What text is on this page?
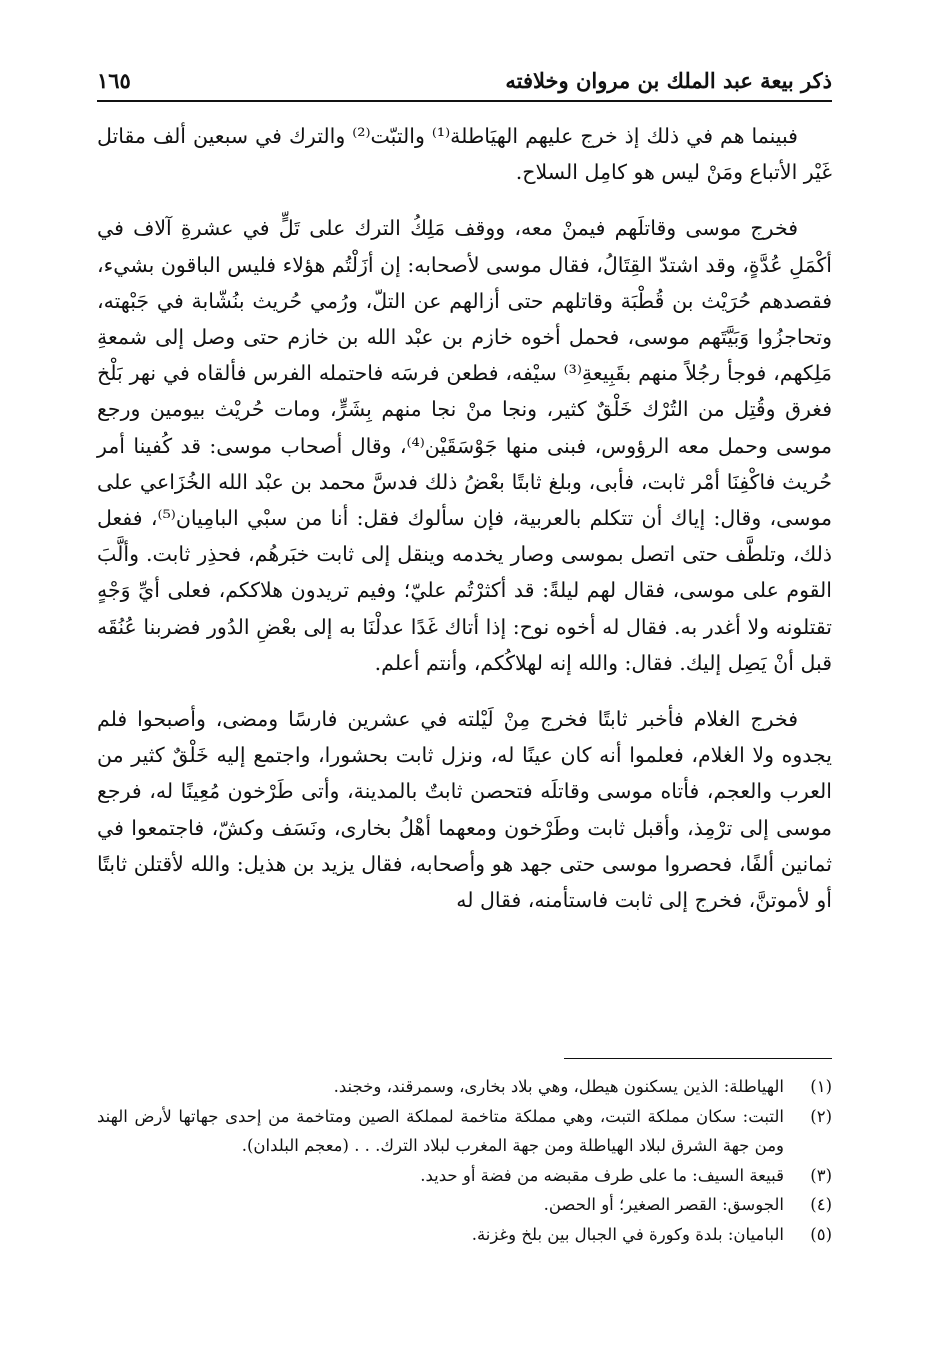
ذكر بيعة عبد الملك بن مروان وخلافته
١٦٥

فبينما هم في ذلك إذ خرج عليهم الهيَاطلة⁽¹⁾ والتبّت⁽²⁾ والترك في سبعين ألف مقاتل غَيْر الأتباع ومَنْ ليس هو كامِل السلاح.

فخرج موسى وقاتلَهم فيمنْ معه، ووقف مَلِكُ الترك على تَلٍّ في عشرةِ آلاف في أكْمَلِ عُدَّةٍ، وقد اشتدّ القِتَالُ، فقال موسى لأصحابه: إن أزَلْتُم هؤلاء فليس الباقون بشيء، فقصدهم حُرَيْث بن قُطْبَة وقاتلهم حتى أزالهم عن التلّ، ورُمي حُريث بنُشّابة في جَبْهته، وتحاجزُوا وَبَيَّتَهم موسى، فحمل أخوه خازم بن عبْد الله بن خازم حتى وصل إلى شمعةِ مَلِكهم، فوجأ رجُلاً منهم بقَبِيعةِ⁽³⁾ سيْفه، فطعن فرسَه فاحتمله الفرس فألقاه في نهر بَلْخ فغرق وقُتِل من التُرْك خَلْقٌ كثير، ونجا منْ نجا منهم بِشَرٍّ، ومات حُريْث بيومين ورجع موسى وحمل معه الرؤوس، فبنى منها جَوْسَقَيْن⁽⁴⁾، وقال أصحاب موسى: قد كُفينا أمر حُريث فاكْفِنَا أمْر ثابت، فأبى، وبلغ ثابتًا بعْضُ ذلك فدسَّ محمد بن عبْد الله الخُزَاعي على موسى، وقال: إياك أن تتكلم بالعربية، فإن سألوك فقل: أنا من سبْي البامِيان⁽⁵⁾، ففعل ذلك، وتلطَّف حتى اتصل بموسى وصار يخدمه وينقل إلى ثابت خبَرهُم، فحذِر ثابت. وألَّبَ القوم على موسى، فقال لهم ليلةً: قد أكثرْتُم عليّ؛ وفيم تريدون هلاككم، فعلى أيِّ وَجْهٍ تقتلونه ولا أغدر به. فقال له أخوه نوح: إذا أتاك غَدًا عدلْنَا به إلى بعْضِ الدُور فضربنا عُنُقَه قبل أنْ يَصِل إليك. فقال: والله إنه لهلاكُكم، وأنتم أعلم.

فخرج الغلام فأخبر ثابتًا فخرج مِنْ لَيْلته في عشرين فارسًا ومضى، وأصبحوا فلم يجدوه ولا الغلام، فعلموا أنه كان عينًا له، ونزل ثابت بحشورا، واجتمع إليه خَلْقٌ كثير من العرب والعجم، فأتاه موسى وقاتلَه فتحصن ثابتٌ بالمدينة، وأتى طَرْخون مُعِينًا له، فرجع موسى إلى ترْمِذ، وأقبل ثابت وطَرْخون ومعهما أهْلُ بخارى، ونَسَف وكشّ، فاجتمعوا في ثمانين ألفًا، فحصروا موسى حتى جهد هو وأصحابه، فقال يزيد بن هذيل: والله لأقتلن ثابتًا أو لأموتنَّ، فخرج إلى ثابت فاستأمنه، فقال له

(١)
الهياطلة: الذين يسكنون هيطل، وهي بلاد بخارى، وسمرقند، وخجند.
(٢)
التبت: سكان مملكة التبت، وهي مملكة متاخمة لمملكة الصين ومتاخمة من إحدى جهاتها لأرض الهند ومن جهة الشرق لبلاد الهياطلة ومن جهة المغرب لبلاد الترك. . . (معجم البلدان).
(٣)
قبيعة السيف: ما على طرف مقبضه من فضة أو حديد.
(٤)
الجوسق: القصر الصغير؛ أو الحصن.
(٥)
الباميان: بلدة وكورة في الجبال بين بلخ وغزنة.
